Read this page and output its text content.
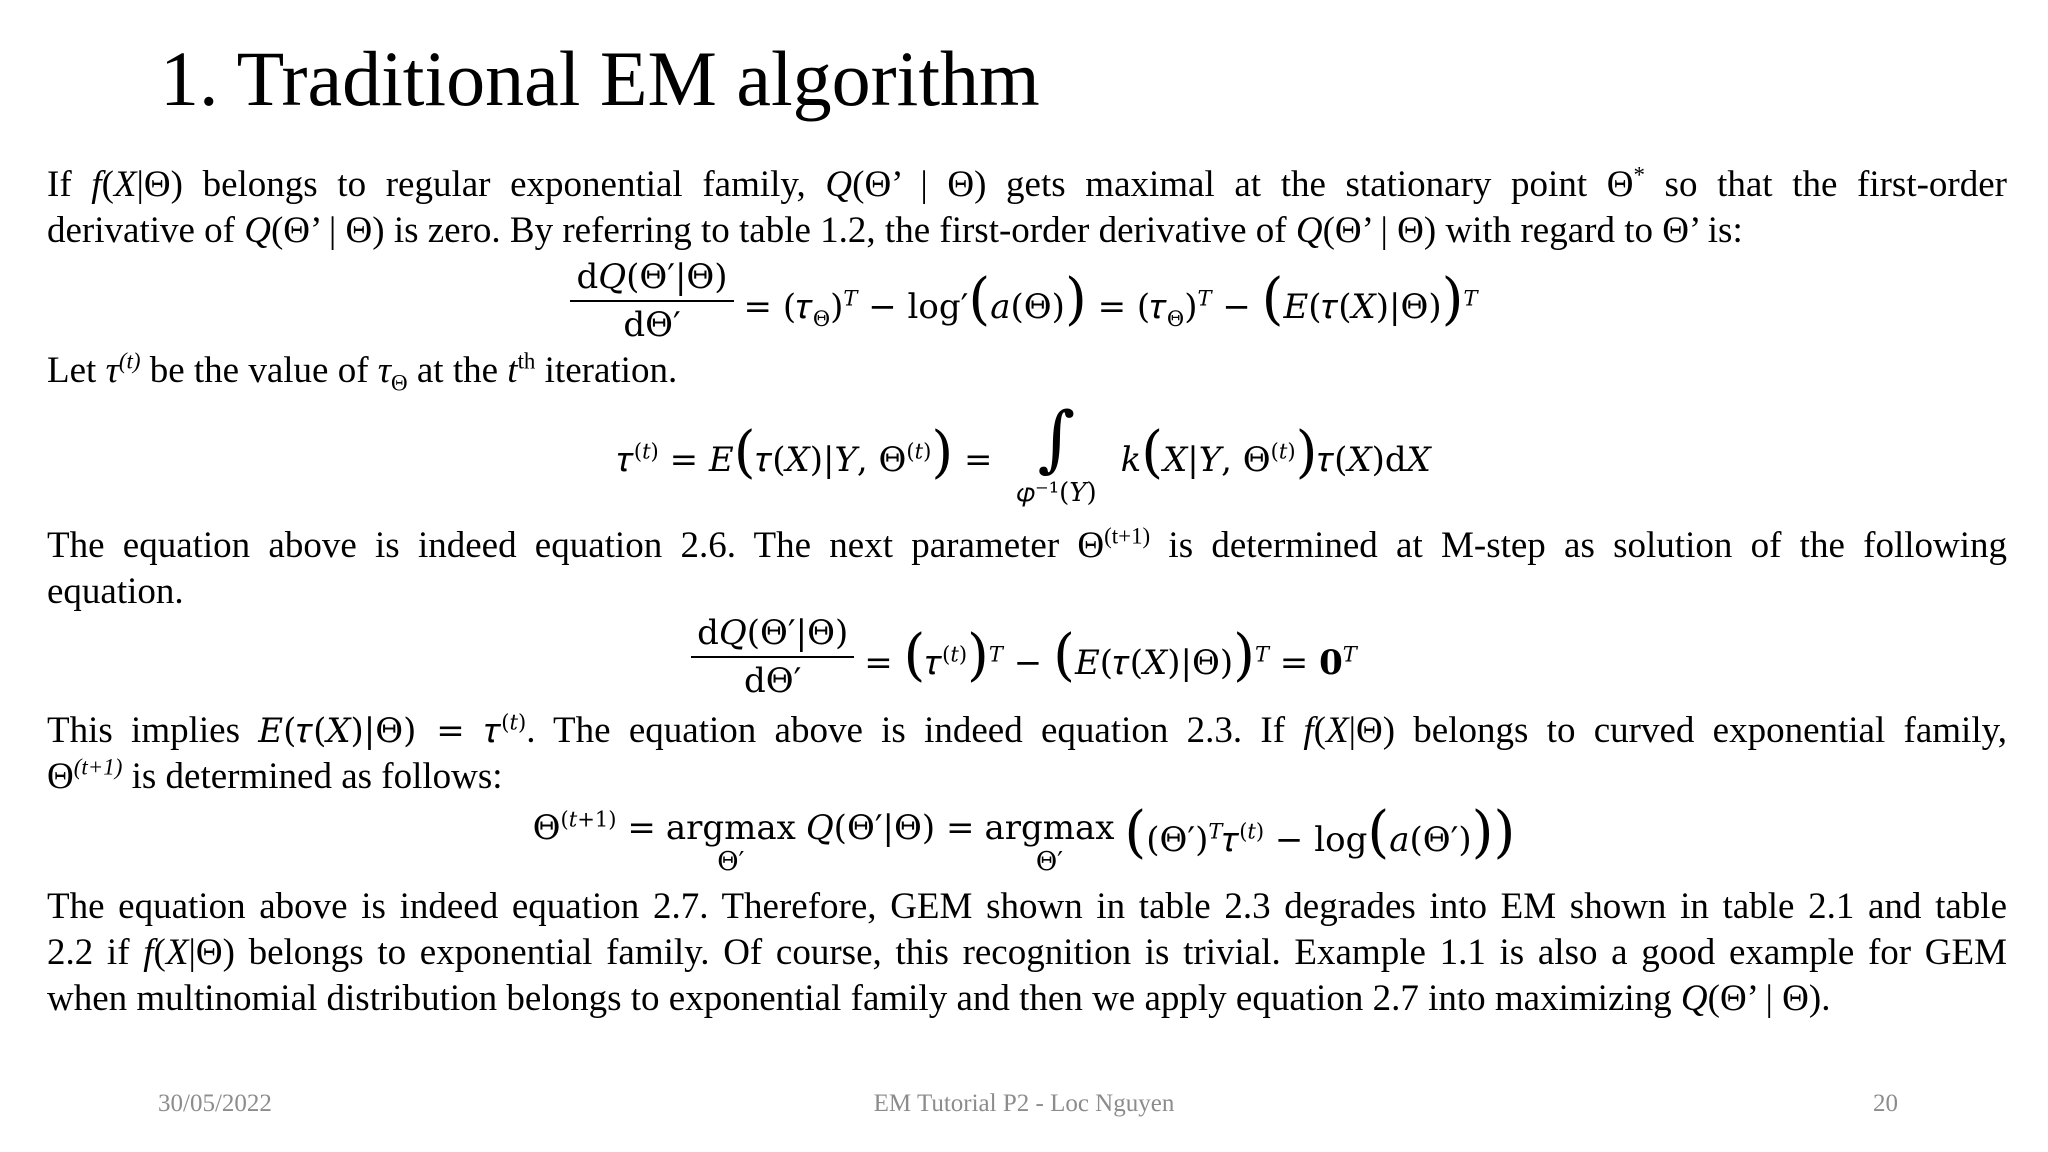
1. Traditional EM algorithm
If f(X|Θ) belongs to regular exponential family, Q(Θ’ | Θ) gets maximal at the stationary point Θ* so that the first-order
derivative of Q(Θ’ | Θ) is zero. By referring to table 1.2, the first-order derivative of Q(Θ’ | Θ) with regard to Θ’ is:
$\frac{\text{d𝑄(Θ′|Θ)}}{d\Theta'}$ = (𝜏$_\Theta$)$^𝑇$ − log′(𝑎(Θ)) = (𝜏$_\Theta$)$^𝑇$ − (𝐸(𝜏(𝑋)|Θ))$^𝑇$
Let $\tau^{(t)}$ be the value of $\tau_\Theta$ at the $t^{th}$ iteration.
𝜏$^{(𝑡)}$ = 𝐸(𝜏(𝑋)|𝑌, $\Theta^{(𝑡)}$) = ∫
𝜑⁻¹(𝑌)
𝑘(𝑋|𝑌, $\Theta^{(𝑡)})𝜏(𝑋)d𝑋$
The equation above is indeed equation 2.6. The next parameter $\Theta^{(t+1)}$ is determined at M-step as solution of the following
equation.
$\frac{\text{d𝑄(Θ′|Θ)}}{d\Theta'}$ = (𝜏$^{(𝑡)}$)$^𝑇$ − (𝐸(𝜏(𝑋)|Θ))$^𝑇$ = $𝟎^𝑇$
This implies 𝐸(𝜏(𝑋)|Θ) = 𝜏$^{(𝑡)}$. The equation above is indeed equation 2.3. If f(X|Θ) belongs to curved exponential family,
$\Theta^{(t+1)}$ is determined as follows:
$\Theta^{(𝑡+1)} = argmax$
Θ′
𝑄(Θ′|Θ) = argmax
Θ′ ($(\Theta')^𝑇𝜏^{(𝑡)}$ − log(𝑎(Θ′)))
The equation above is indeed equation 2.7. Therefore, GEM shown in table 2.3 degrades into EM shown in table 2.1 and table
2.2 if f(X|Θ) belongs to exponential family. Of course, this recognition is trivial. Example 1.1 is also a good example for GEM
when multinomial distribution belongs to exponential family and then we apply equation 2.7 into maximizing Q(Θ’ | Θ).
30/05/2022	EM Tutorial P2 - Loc Nguyen	20
